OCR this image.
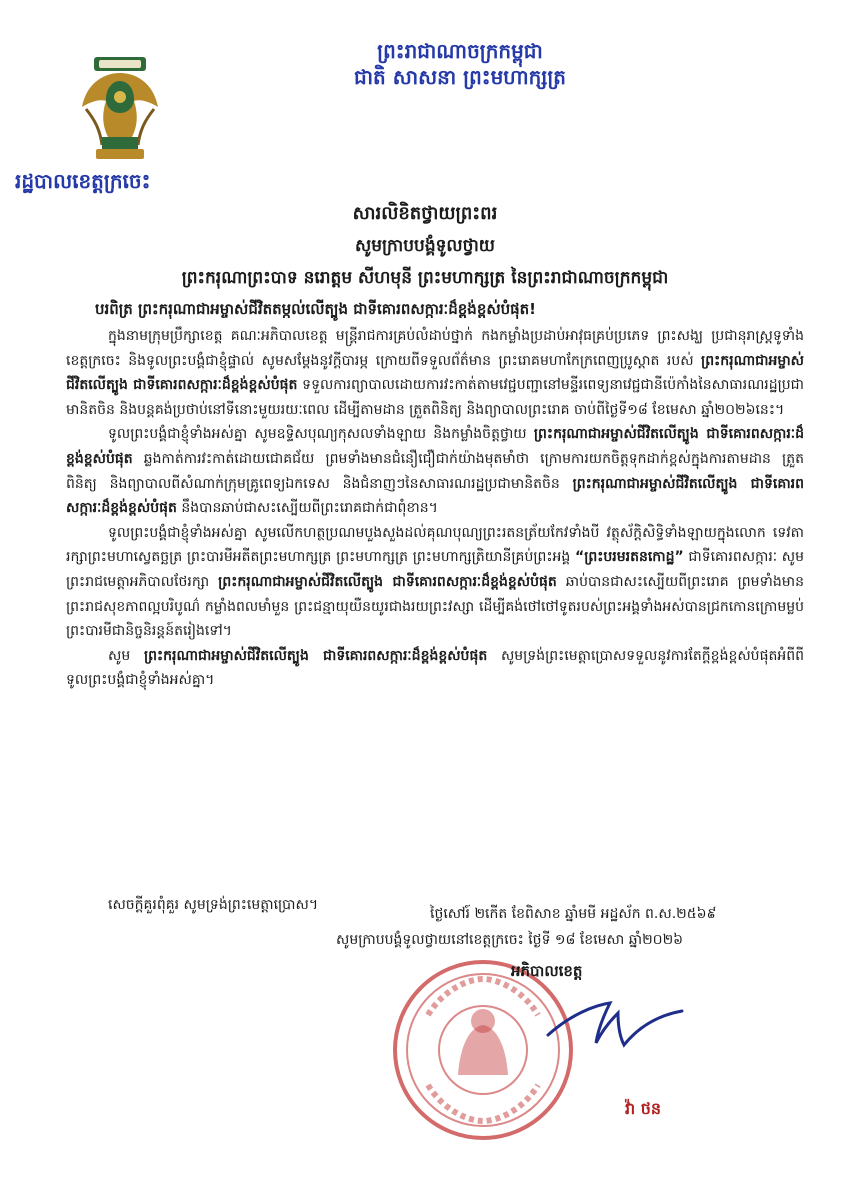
ព្រះរាជាណាចក្រកម្ពុជា
ជាតិ សាសនា ព្រះមហាក្សត្រ
រដ្ឋបាលខេត្តក្រចេះ
សារលិខិតថ្វាយព្រះពរ
សូមក្រាបបង្គំទូលថ្វាយ
ព្រះករុណាព្រះបាទ នរោត្តម សីហមុនី ព្រះមហាក្សត្រ នៃព្រះរាជាណាចក្រកម្ពុជា
បរពិត្រ ព្រះករុណាជាអម្ចាស់ជីវិតតម្កល់លើត្បូង ជាទីគោរពសក្ការៈដ៏ខ្ពង់ខ្ពស់បំផុត!

ក្នុងនាមក្រុមប្រឹក្សាខេត្ត គណៈអភិបាលខេត្ត មន្ត្រីរាជការគ្រប់លំដាប់ថ្នាក់ កងកម្លាំងប្រដាប់អាវុធគ្រប់ប្រភេទ ព្រះសង្ឃ ប្រជានុរាស្ត្រទូទាំងខេត្តក្រចេះ និងទូលព្រះបង្គំជាខ្ញុំផ្ទាល់ សូមសម្តែងនូវក្តីបារម្ភ ក្រោយពីទទួលព័ត៌មាន ព្រះរោគមហាកែក្រពេញប្រូស្តាត របស់ ព្រះករុណាជាអម្ចាស់ជីវិតលើត្បូង ជាទីគោរពសក្ការៈដ៏ខ្ពង់ខ្ពស់បំផុត ទទួលការព្យាបាលដោយការវះកាត់តាមវេជ្ជបញ្ជានៅមន្ទីរពេទ្យនាវេជ្ជជានីប៉េកាំងនៃសាធារណរដ្ឋប្រជាមានិតចិន និងបន្តគង់ប្រថាប់នៅទីនោះមួយរយៈពេល ដើម្បីតាមដាន ត្រួតពិនិត្យ និងព្យាបាលព្រះរោគ ចាប់ពីថ្ងៃទី១៨ ខែមេសា ឆ្នាំ២០២៦នេះ។

ទូលព្រះបង្គំជាខ្ញុំទាំងអស់គ្នា សូមឧទ្ទិសបុណ្យកុសលទាំងឡាយ និងកម្លាំងចិត្តថ្វាយ ព្រះករុណាជាអម្ចាស់ជីវិតលើត្បូង ជាទីគោរពសក្ការៈដ៏ខ្ពង់ខ្ពស់បំផុត ឆ្លងកាត់ការវះកាត់ដោយជោគជ័យ ព្រមទាំងមានជំនឿជឿជាក់យ៉ាងមុតមាំថា ក្រោមការយកចិត្តទុកដាក់ខ្ពស់ក្នុងការតាមដាន ត្រួតពិនិត្យ និងព្យាបាលពីសំណាក់ក្រុមគ្រូពេទ្យឯកទេស និងជំនាញៗនៃសាធារណរដ្ឋប្រជាមានិតចិន ព្រះករុណាជាអម្ចាស់ជីវិតលើត្បូង ជាទីគោរពសក្ការៈដ៏ខ្ពង់ខ្ពស់បំផុត នឹងបានឆាប់ជាសះស្បើយពីព្រះរោគជាក់ជាពុំខាន។

ទូលព្រះបង្គំជាខ្ញុំទាំងអស់គ្នា សូមលើកហត្ថប្រណមបួងសួងដល់គុណបុណ្យព្រះរតនត្រ័យកែវទាំងបី វត្ថុស័ក្តិសិទ្ធិទាំងឡាយក្នុងលោក ទេវតារក្សាព្រះមហាស្វេតច្ឆត្រ ព្រះបារមីអតីតព្រះមហាក្សត្រ ព្រះមហាក្សត្រ ព្រះមហាក្សត្រិយានីគ្រប់ព្រះអង្គ “ព្រះបរមរតនកោដ្ឋ” ជាទីគោរពសក្ការៈ សូមព្រះរាជមេត្តាអភិបាលថែរក្សា ព្រះករុណាជាអម្ចាស់ជីវិតលើត្បូង ជាទីគោរពសក្ការៈដ៏ខ្ពង់ខ្ពស់បំផុត ឆាប់បានជាសះស្បើយពីព្រះរោគ ព្រមទាំងមានព្រះរាជសុខភាពល្អបរិបូណ៌ កម្លាំងពលមាំមួន ព្រះជន្មាយុយឺនយូរជាងរយព្រះវស្សា ដើម្បីគង់ថៅថៅទូតរបស់ព្រះអង្គទាំងអស់បានជ្រកកោនក្រោមម្លប់ព្រះបារមីជានិច្ចនិរន្តន៍តរៀងទៅ។

សូម ព្រះករុណាជាអម្ចាស់ជីវិតលើត្បូង ជាទីគោរពសក្ការៈដ៏ខ្ពង់ខ្ពស់បំផុត សូមទ្រង់ព្រះមេត្តាប្រោសទទួលនូវការតែក្តីខ្ពង់ខ្ពស់បំផុតអំពីពីទូលព្រះបង្គំជាខ្ញុំទាំងអស់គ្នា។

សេចក្តីគួរពុំគួរ សូមទ្រង់ព្រះមេត្តាប្រោស។
ថ្ងៃសៅរ៍ ២កើត ខែពិសាខ ឆ្នាំមមី អដ្ឋស័ក ព.ស.២៥៦៩
សូមក្រាបបង្គំទូលថ្វាយនៅខេត្តក្រចេះ ថ្ងៃទី ១៨ ខែមេសា ឆ្នាំ២០២៦
អភិបាលខេត្ត
វ៉ា ថន
